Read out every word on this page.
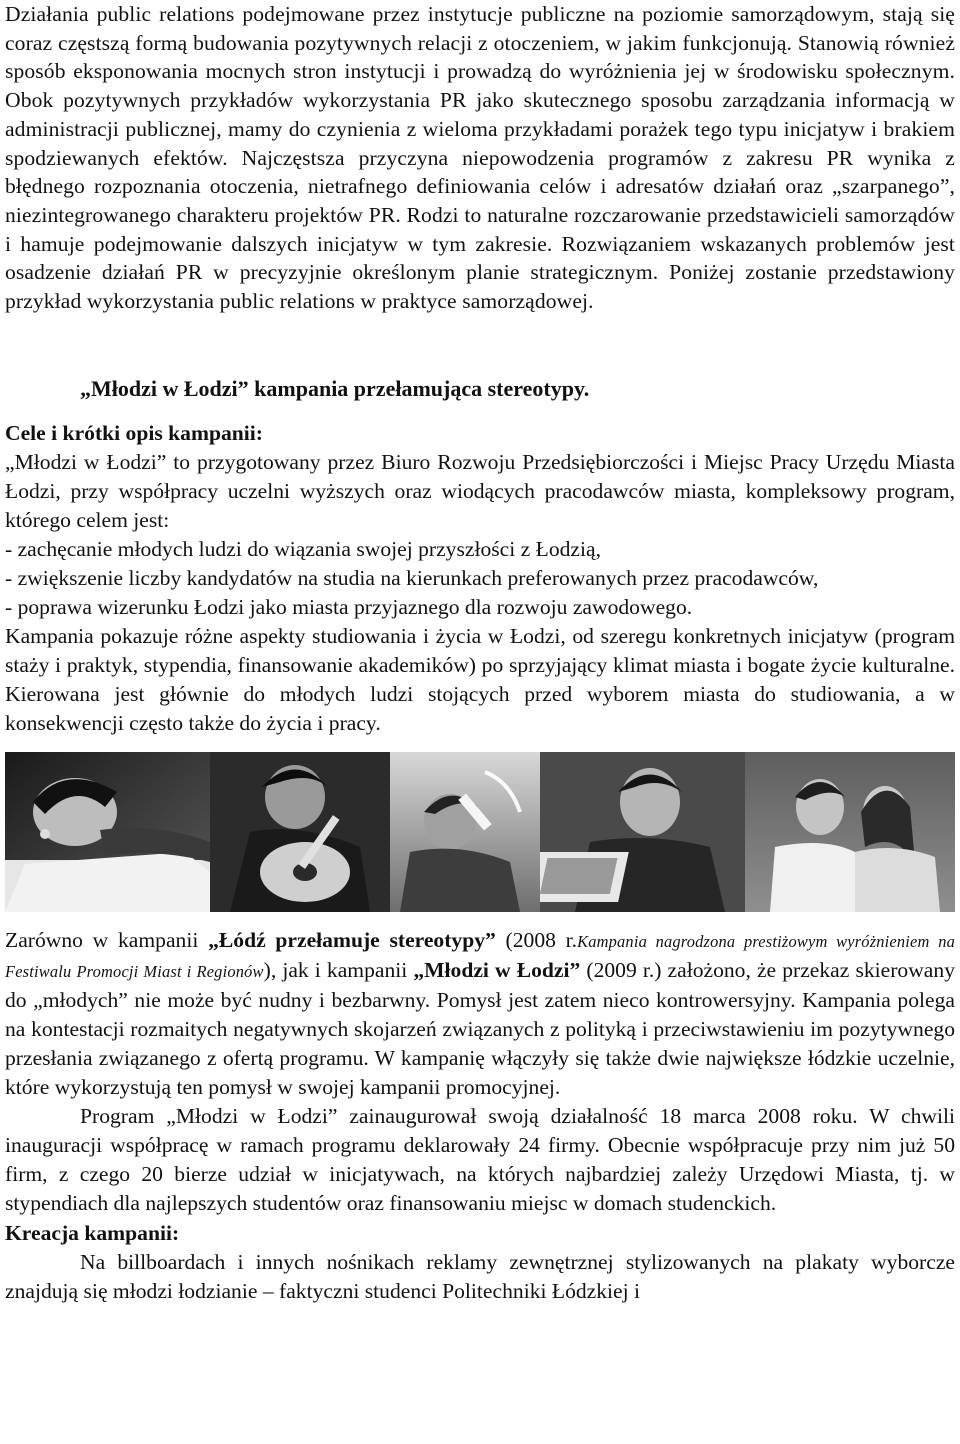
Działania public relations podejmowane przez instytucje publiczne na poziomie samorządowym, stają się coraz częstszą formą budowania pozytywnych relacji z otoczeniem, w jakim funkcjonują. Stanowią również sposób eksponowania mocnych stron instytucji i prowadzą do wyróżnienia jej w środowisku społecznym. Obok pozytywnych przykładów wykorzystania PR jako skutecznego sposobu zarządzania informacją w administracji publicznej, mamy do czynienia z wieloma przykładami porażek tego typu inicjatyw i brakiem spodziewanych efektów. Najczęstsza przyczyna niepowodzenia programów z zakresu PR wynika z błędnego rozpoznania otoczenia, nietrafnego definiowania celów i adresatów działań oraz „szarpanego”, niezintegrowanego charakteru projektów PR. Rodzi to naturalne rozczarowanie przedstawicieli samorządów i hamuje podejmowanie dalszych inicjatyw w tym zakresie. Rozwiązaniem wskazanych problemów jest osadzenie działań PR w precyzyjnie określonym planie strategicznym. Poniżej zostanie przedstawiony przykład wykorzystania public relations w praktyce samorządowej.

„Młodzi w Łodzi” kampania przełamująca stereotypy.

Cele i krótki opis kampanii:

„Młodzi w Łodzi” to przygotowany przez Biuro Rozwoju Przedsiębiorczości i Miejsc Pracy Urzędu Miasta Łodzi, przy współpracy uczelni wyższych oraz wiodących pracodawców miasta, kompleksowy program, którego celem jest:

- zachęcanie młodych ludzi do wiązania swojej przyszłości z Łodzią,

- zwiększenie liczby kandydatów na studia na kierunkach preferowanych przez pracodawców,

- poprawa wizerunku Łodzi jako miasta przyjaznego dla rozwoju zawodowego.

Kampania pokazuje różne aspekty studiowania i życia w Łodzi, od szeregu konkretnych inicjatyw (program staży i praktyk, stypendia, finansowanie akademików) po sprzyjający klimat miasta i bogate życie kulturalne. Kierowana jest głównie do młodych ludzi stojących przed wyborem miasta do studiowania, a w konsekwencji często także do życia i pracy.

Zarówno w kampanii „Łódź przełamuje stereotypy” (2008 r.Kampania nagrodzona prestiżowym wyróżnieniem na Festiwalu Promocji Miast i Regionów), jak i kampanii „Młodzi w Łodzi” (2009 r.) założono, że przekaz skierowany do „młodych” nie może być nudny i bezbarwny. Pomysł jest zatem nieco kontrowersyjny. Kampania polega na kontestacji rozmaitych negatywnych skojarzeń związanych z polityką i przeciwstawieniu im pozytywnego przesłania związanego z ofertą programu. W kampanię włączyły się także dwie największe łódzkie uczelnie, które wykorzystują ten pomysł w swojej kampanii promocyjnej.

Program „Młodzi w Łodzi” zainaugurował swoją działalność 18 marca 2008 roku. W chwili inauguracji współpracę w ramach programu deklarowały 24 firmy. Obecnie współpracuje przy nim już 50 firm, z czego 20 bierze udział w inicjatywach, na których najbardziej zależy Urzędowi Miasta, tj. w stypendiach dla najlepszych studentów oraz finansowaniu miejsc w domach studenckich.

Kreacja kampanii:

Na billboardach i innych nośnikach reklamy zewnętrznej stylizowanych na plakaty wyborcze znajdują się młodzi łodzianie – faktyczni studenci Politechniki Łódzkiej i
